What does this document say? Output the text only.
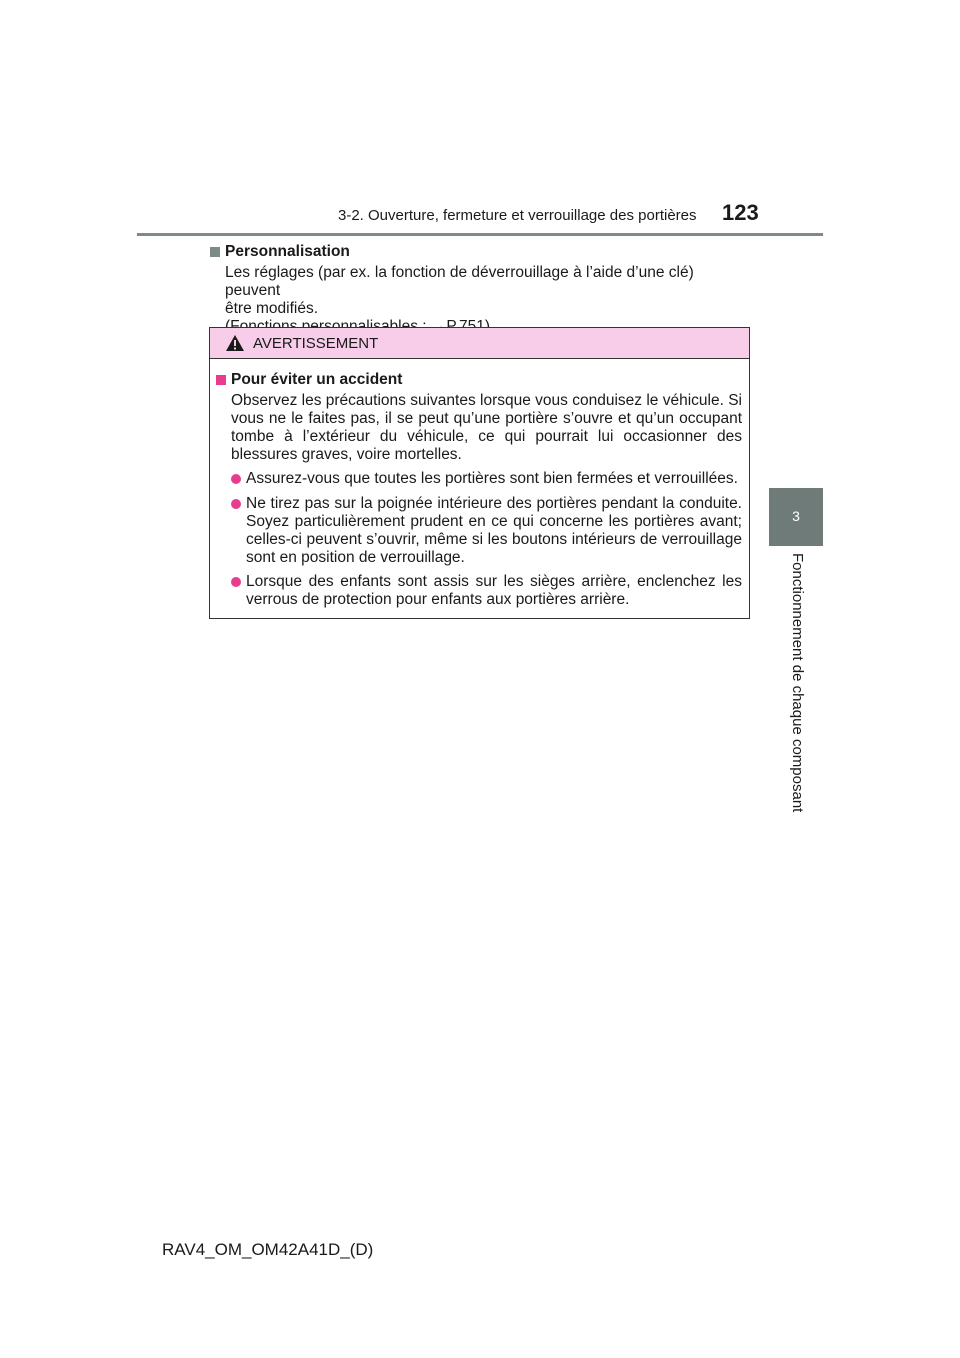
3-2. Ouverture, fermeture et verrouillage des portières 123
3
Fonctionnement de chaque composant
Personnalisation
Les réglages (par ex. la fonction de déverrouillage à l’aide d’une clé) peuvent
être modifiés.
AVERTISSEMENT
Pour éviter un accident
Observez les précautions suivantes lorsque vous conduisez le véhicule. Si vous ne le faites pas, il se peut qu’une portière s’ouvre et qu’un occupant tombe à l’extérieur du véhicule, ce qui pourrait lui occasionner des blessures graves, voire mortelles.
Assurez-vous que toutes les portières sont bien fermées et verrouillées.
Ne tirez pas sur la poignée intérieure des portières pendant la conduite. Soyez particulièrement prudent en ce qui concerne les portières avant; celles-ci peuvent s’ouvrir, même si les boutons intérieurs de verrouillage sont en position de verrouillage.
Lorsque des enfants sont assis sur les sièges arrière, enclenchez les verrous de protection pour enfants aux portières arrière.
RAV4_OM_OM42A41D_(D)
